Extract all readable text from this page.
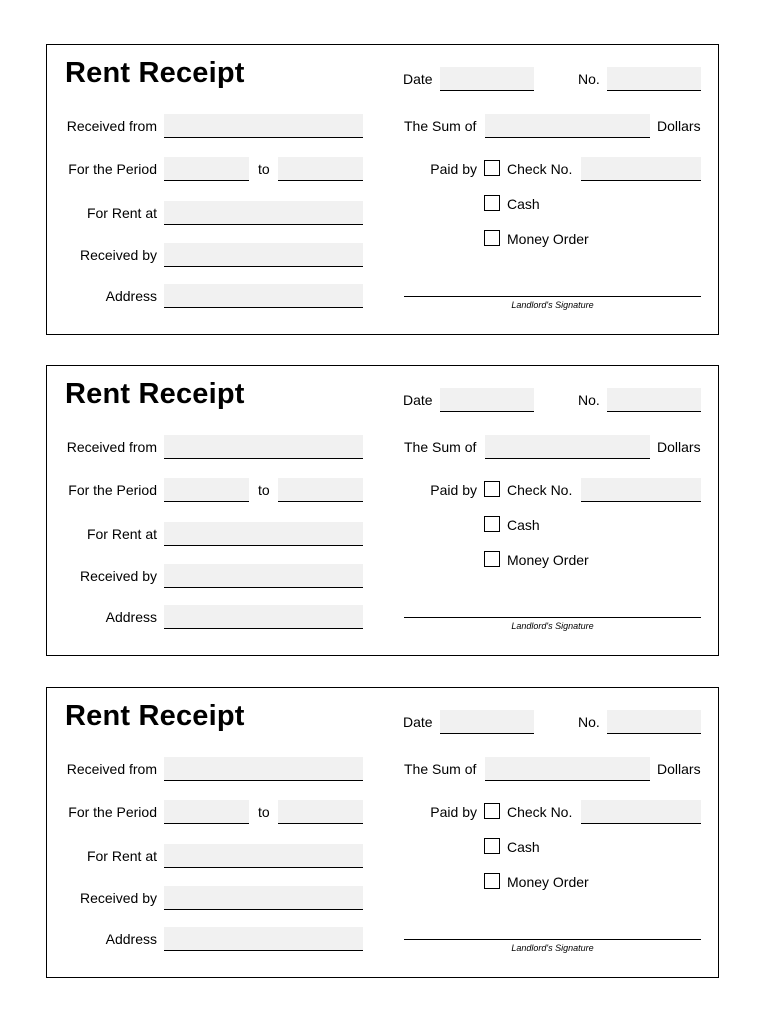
Rent Receipt	Date	No.
Received from
For the Period	to
For Rent at
Received by
Address
The Sum of	Dollars
Paid by Check No.
Cash
Money Order
Landlord's Signature
Rent Receipt	Date	No.
Received from
For the Period	to
For Rent at
Received by
Address
The Sum of	Dollars
Paid by Check No.
Cash
Money Order
Landlord's Signature
Rent Receipt	Date	No.
Received from
For the Period	to
For Rent at
Received by
Address
The Sum of	Dollars
Paid by Check No.
Cash
Money Order
Landlord's Signature
